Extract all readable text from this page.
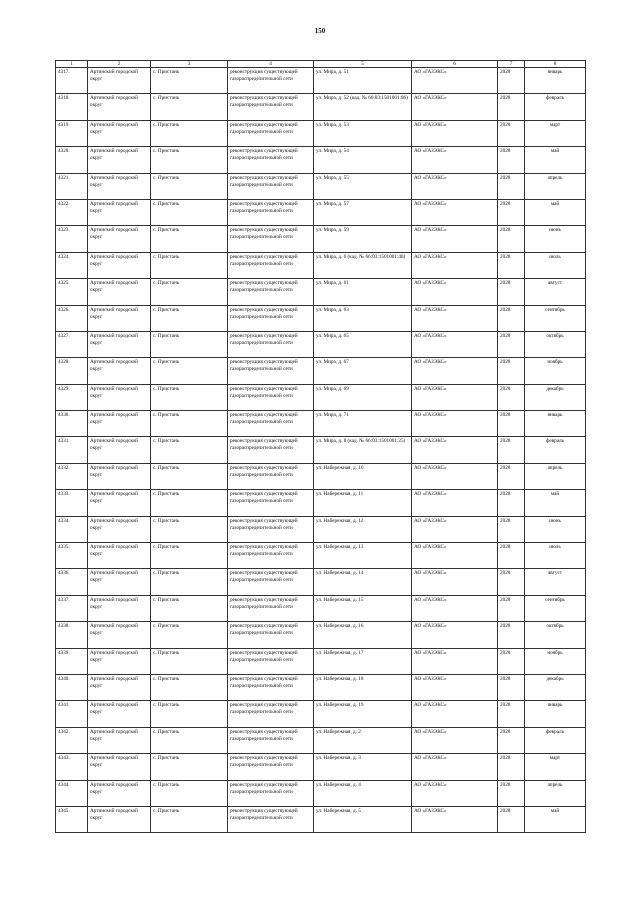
150
1	2	3	4	5	6	7	8
4317.	Артинский городской округ	с. Пристань	реконструкция существующей газораспределительной сети	ул. Мира, д. 51	АО «ГАЗЭКС»	2028	январь
4318.	Артинский городской округ	с. Пристань	реконструкция существующей газораспределительной сети	ул. Мира, д. 52 (кад. № 66:03:1501001:86)	АО «ГАЗЭКС»	2028	февраль
4319.	Артинский городской округ	с. Пристань	реконструкция существующей газораспределительной сети	ул. Мира, д. 53	АО «ГАЗЭКС»	2028	март
4320.	Артинский городской округ	с. Пристань	реконструкция существующей газораспределительной сети	ул. Мира, д. 54	АО «ГАЗЭКС»	2028	май
4321.	Артинский городской округ	с. Пристань	реконструкция существующей газораспределительной сети	ул. Мира, д. 55	АО «ГАЗЭКС»	2028	апрель
4322.	Артинский городской округ	с. Пристань	реконструкция существующей газораспределительной сети	ул. Мира, д. 57	АО «ГАЗЭКС»	2028	май
4323.	Артинский городской округ	с. Пристань	реконструкция существующей газораспределительной сети	ул. Мира, д. 59	АО «ГАЗЭКС»	2028	июнь
4324.	Артинский городской округ	с. Пристань	реконструкция существующей газораспределительной сети	ул. Мира, д. 6 (кад. № 66:03:1501001:48)	АО «ГАЗЭКС»	2028	июль
4325.	Артинский городской округ	с. Пристань	реконструкция существующей газораспределительной сети	ул. Мира, д. 61	АО «ГАЗЭКС»	2028	август
4326.	Артинский городской округ	с. Пристань	реконструкция существующей газораспределительной сети	ул. Мира, д. 63	АО «ГАЗЭКС»	2028	сентябрь
4327.	Артинский городской округ	с. Пристань	реконструкция существующей газораспределительной сети	ул. Мира, д. 65	АО «ГАЗЭКС»	2028	октябрь
4328.	Артинский городской округ	с. Пристань	реконструкция существующей газораспределительной сети	ул. Мира, д. 67	АО «ГАЗЭКС»	2028	ноябрь
4329.	Артинский городской округ	с. Пристань	реконструкция существующей газораспределительной сети	ул. Мира, д. 69	АО «ГАЗЭКС»	2028	декабрь
4330.	Артинский городской округ	с. Пристань	реконструкция существующей газораспределительной сети	ул. Мира, д. 71	АО «ГАЗЭКС»	2028	январь
4331.	Артинский городской округ	с. Пристань	реконструкция существующей газораспределительной сети	ул. Мира, д. 8 (кад. № 66:03:1501001:25)	АО «ГАЗЭКС»	2028	февраль
4332.	Артинский городской округ	с. Пристань	реконструкция существующей газораспределительной сети	ул. Набережная, д. 10	АО «ГАЗЭКС»	2028	апрель
4333.	Артинский городской округ	с. Пристань	реконструкция существующей газораспределительной сети	ул. Набережная, д. 11	АО «ГАЗЭКС»	2028	май
4334.	Артинский городской округ	с. Пристань	реконструкция существующей газораспределительной сети	ул. Набережная, д. 12	АО «ГАЗЭКС»	2028	июнь
4335.	Артинский городской округ	с. Пристань	реконструкция существующей газораспределительной сети	ул. Набережная, д. 13	АО «ГАЗЭКС»	2028	июль
4336.	Артинский городской округ	с. Пристань	реконструкция существующей газораспределительной сети	ул. Набережная, д. 14	АО «ГАЗЭКС»	2028	август
4337.	Артинский городской округ	с. Пристань	реконструкция существующей газораспределительной сети	ул. Набережная, д. 15	АО «ГАЗЭКС»	2028	сентябрь
4338.	Артинский городской округ	с. Пристань	реконструкция существующей газораспределительной сети	ул. Набережная, д. 16	АО «ГАЗЭКС»	2028	октябрь
4339.	Артинский городской округ	с. Пристань	реконструкция существующей газораспределительной сети	ул. Набережная, д. 17	АО «ГАЗЭКС»	2028	ноябрь
4340.	Артинский городской округ	с. Пристань	реконструкция существующей газораспределительной сети	ул. Набережная, д. 18	АО «ГАЗЭКС»	2028	декабрь
4341.	Артинский городской округ	с. Пристань	реконструкция существующей газораспределительной сети	ул. Набережная, д. 19	АО «ГАЗЭКС»	2028	январь
4342.	Артинский городской округ	с. Пристань	реконструкция существующей газораспределительной сети	ул. Набережная, д. 2	АО «ГАЗЭКС»	2028	февраль
4343.	Артинский городской округ	с. Пристань	реконструкция существующей газораспределительной сети	ул. Набережная, д. 3	АО «ГАЗЭКС»	2028	март
4344.	Артинский городской округ	с. Пристань	реконструкция существующей газораспределительной сети	ул. Набережная, д. 4	АО «ГАЗЭКС»	2028	апрель
4345.	Артинский городской округ	с. Пристань	реконструкция существующей газораспределительной сети	ул. Набережная, д. 5	АО «ГАЗЭКС»	2028	май
